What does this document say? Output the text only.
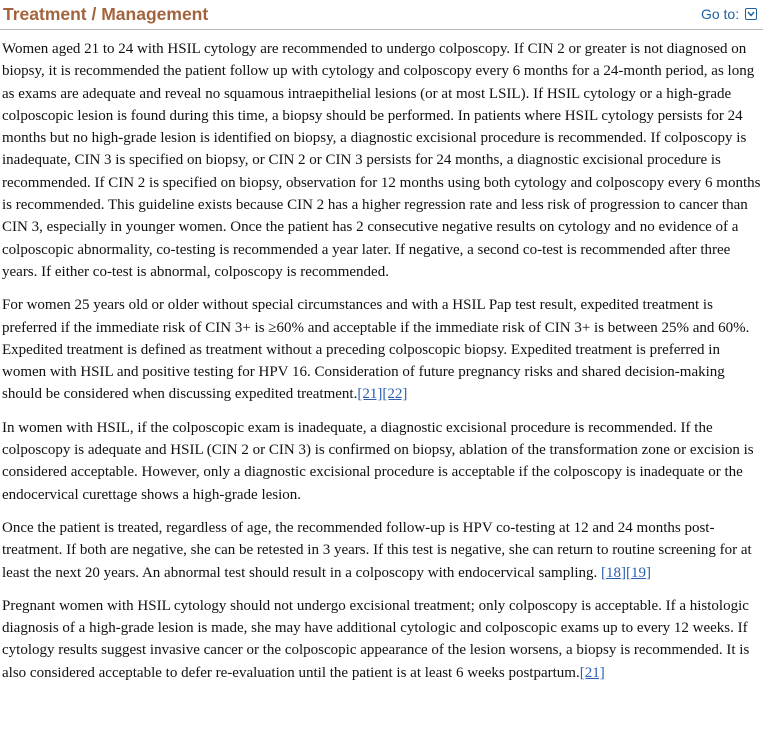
Treatment / Management	Go to:

Women aged 21 to 24 with HSIL cytology are recommended to undergo colposcopy. If CIN 2 or greater is not diagnosed on biopsy, it is recommended the patient follow up with cytology and colposcopy every 6 months for a 24-month period, as long as exams are adequate and reveal no squamous intraepithelial lesions (or at most LSIL). If HSIL cytology or a high-grade colposcopic lesion is found during this time, a biopsy should be performed. In patients where HSIL cytology persists for 24 months but no high-grade lesion is identified on biopsy, a diagnostic excisional procedure is recommended. If colposcopy is inadequate, CIN 3 is specified on biopsy, or CIN 2 or CIN 3 persists for 24 months, a diagnostic excisional procedure is recommended. If CIN 2 is specified on biopsy, observation for 12 months using both cytology and colposcopy every 6 months is recommended. This guideline exists because CIN 2 has a higher regression rate and less risk of progression to cancer than CIN 3, especially in younger women. Once the patient has 2 consecutive negative results on cytology and no evidence of a colposcopic abnormality, co-testing is recommended a year later. If negative, a second co-test is recommended after three years. If either co-test is abnormal, colposcopy is recommended.

For women 25 years old or older without special circumstances and with a HSIL Pap test result, expedited treatment is preferred if the immediate risk of CIN 3+ is ≥60% and acceptable if the immediate risk of CIN 3+ is between 25% and 60%. Expedited treatment is defined as treatment without a preceding colposcopic biopsy. Expedited treatment is preferred in women with HSIL and positive testing for HPV 16. Consideration of future pregnancy risks and shared decision-making should be considered when discussing expedited treatment.[21][22]

In women with HSIL, if the colposcopic exam is inadequate, a diagnostic excisional procedure is recommended. If the colposcopy is adequate and HSIL (CIN 2 or CIN 3) is confirmed on biopsy, ablation of the transformation zone or excision is considered acceptable. However, only a diagnostic excisional procedure is acceptable if the colposcopy is inadequate or the endocervical curettage shows a high-grade lesion.

Once the patient is treated, regardless of age, the recommended follow-up is HPV co-testing at 12 and 24 months post-treatment. If both are negative, she can be retested in 3 years. If this test is negative, she can return to routine screening for at least the next 20 years. An abnormal test should result in a colposcopy with endocervical sampling. [18][19]

Pregnant women with HSIL cytology should not undergo excisional treatment; only colposcopy is acceptable. If a histologic diagnosis of a high-grade lesion is made, she may have additional cytologic and colposcopic exams up to every 12 weeks. If cytology results suggest invasive cancer or the colposcopic appearance of the lesion worsens, a biopsy is recommended. It is also considered acceptable to defer re-evaluation until the patient is at least 6 weeks postpartum.[21]
